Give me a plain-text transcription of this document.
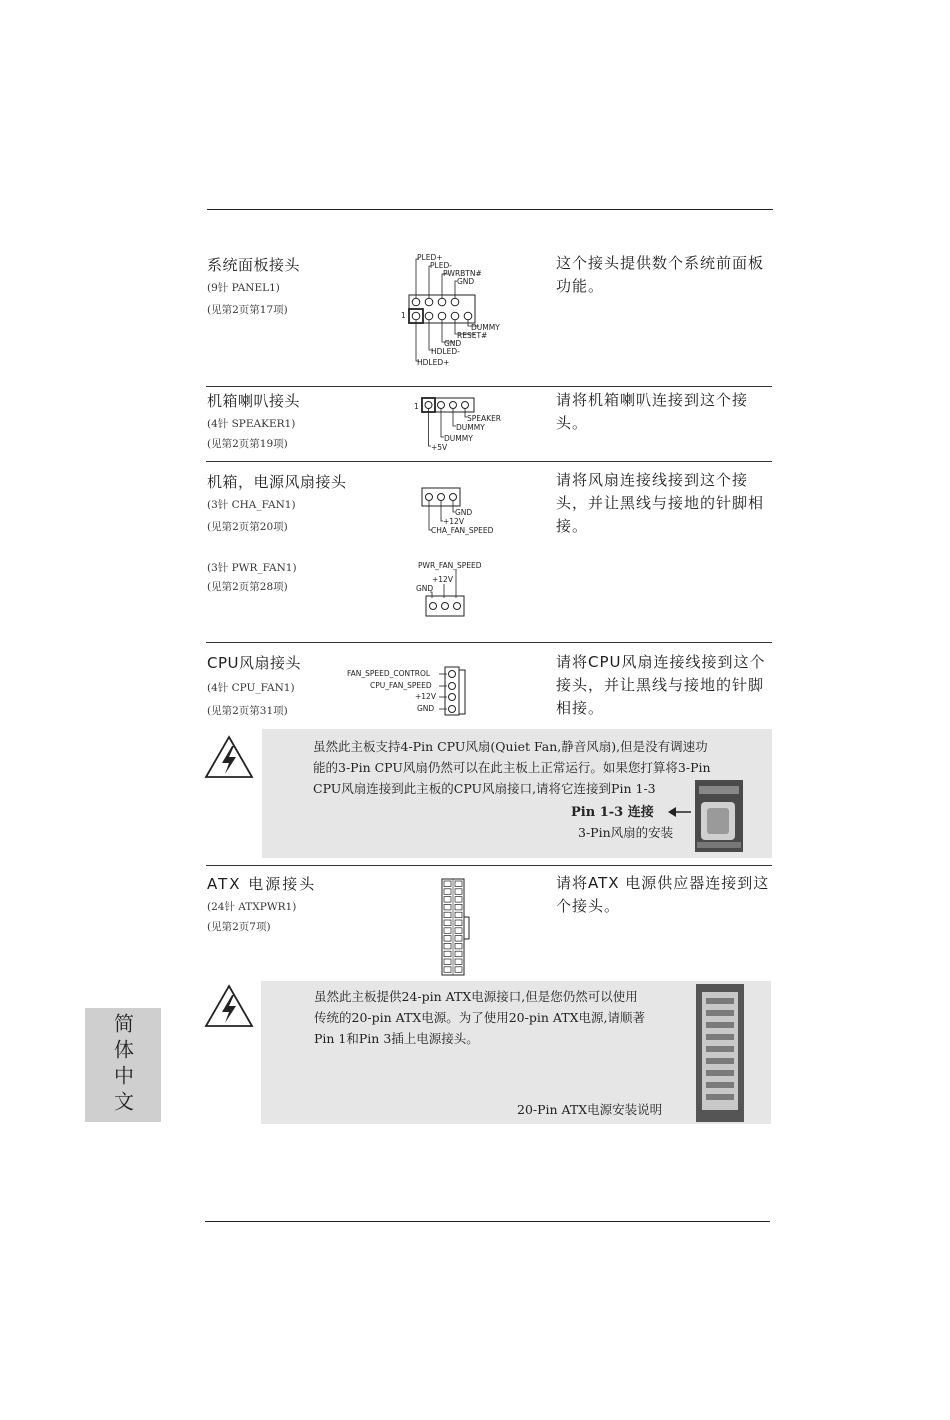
系统面板接头
(9针 PANEL1)
(见第2页第17项)
这个接头提供数个系统前面板功能。
PLED+
PLED-
PWRBTN#
GND
1
DUMMY
RESET#
GND
HDLED-
HDLED+
机箱喇叭接头
(4针 SPEAKER1)
(见第2页第19项)
请将机箱喇叭连接到这个接头。
1
SPEAKER
DUMMY
DUMMY
+5V
机箱，电源风扇接头
(3针 CHA_FAN1)
(见第2页第20项)
(3针 PWR_FAN1)
(见第2页第28项)
请将风扇连接线接到这个接头，并让黑线与接地的针脚相接。
GND
+12V
CHA_FAN_SPEED
PWR_FAN_SPEED
+12V
GND
CPU风扇接头
(4针 CPU_FAN1)
(见第2页第31项)
请将CPU风扇连接线接到这个接头，并让黑线与接地的针脚相接。
FAN_SPEED_CONTROL
CPU_FAN_SPEED
+12V
GND
虽然此主板支持4-Pin CPU风扇(Quiet Fan,静音风扇),但是没有调速功
能的3-Pin CPU风扇仍然可以在此主板上正常运行。如果您打算将3-Pin
CPU风扇连接到此主板的CPU风扇接口,请将它连接到Pin 1-3
Pin 1-3 连接
3-Pin风扇的安装
ATX 电源接头
(24针 ATXPWR1)
(见第2页7项)
请将ATX 电源供应器连接到这个接头。
虽然此主板提供24-pin ATX电源接口,但是您仍然可以使用
传统的20-pin ATX电源。为了使用20-pin ATX电源,请顺著
Pin 1和Pin 3插上电源接头。
20-Pin ATX电源安装说明
简体中文
